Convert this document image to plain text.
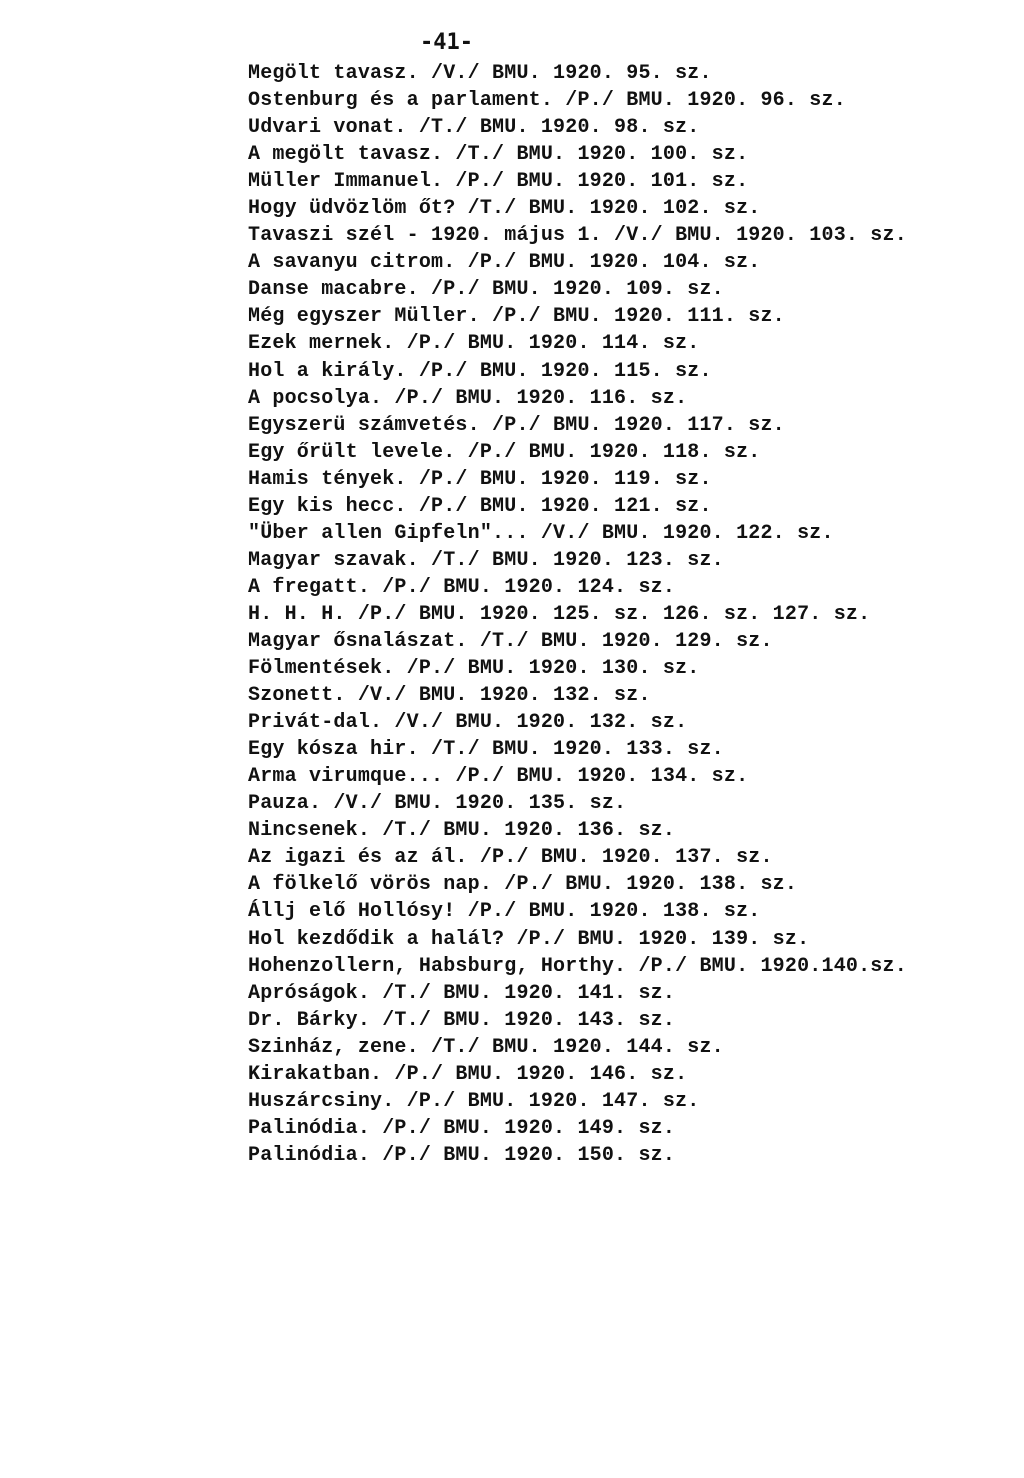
-41-
Megölt tavasz. /V./ BMU. 1920. 95. sz.
Ostenburg és a parlament. /P./ BMU. 1920. 96. sz.
Udvari vonat. /T./ BMU. 1920. 98. sz.
A megölt tavasz. /T./ BMU. 1920. 100. sz.
Müller Immanuel. /P./ BMU. 1920. 101. sz.
Hogy üdvözlöm őt? /T./ BMU. 1920. 102. sz.
Tavaszi szél - 1920. május 1. /V./ BMU. 1920. 103. sz.
A savanyu citrom. /P./ BMU. 1920. 104. sz.
Danse macabre. /P./ BMU. 1920. 109. sz.
Még egyszer Müller. /P./ BMU. 1920. 111. sz.
Ezek mernek. /P./ BMU. 1920. 114. sz.
Hol a király. /P./ BMU. 1920. 115. sz.
A pocsolya. /P./ BMU. 1920. 116. sz.
Egyszerü számvetés. /P./ BMU. 1920. 117. sz.
Egy őrült levele. /P./ BMU. 1920. 118. sz.
Hamis tények. /P./ BMU. 1920. 119. sz.
Egy kis hecc. /P./ BMU. 1920. 121. sz.
"Über allen Gipfeln"... /V./ BMU. 1920. 122. sz.
Magyar szavak. /T./ BMU. 1920. 123. sz.
A fregatt. /P./ BMU. 1920. 124. sz.
H. H. H. /P./ BMU. 1920. 125. sz. 126. sz. 127. sz.
Magyar ősnalászat. /T./ BMU. 1920. 129. sz.
Fölmentések. /P./ BMU. 1920. 130. sz.
Szonett. /V./ BMU. 1920. 132. sz.
Privát-dal. /V./ BMU. 1920. 132. sz.
Egy kósza hir. /T./ BMU. 1920. 133. sz.
Arma virumque... /P./ BMU. 1920. 134. sz.
Pauza. /V./ BMU. 1920. 135. sz.
Nincsenek. /T./ BMU. 1920. 136. sz.
Az igazi és az ál. /P./ BMU. 1920. 137. sz.
A fölkelő vörös nap. /P./ BMU. 1920. 138. sz.
Állj elő Hollósy! /P./ BMU. 1920. 138. sz.
Hol kezdődik a halál? /P./ BMU. 1920. 139. sz.
Hohenzollern, Habsburg, Horthy. /P./ BMU. 1920.140.sz.
Apróságok. /T./ BMU. 1920. 141. sz.
Dr. Bárky. /T./ BMU. 1920. 143. sz.
Szinház, zene. /T./ BMU. 1920. 144. sz.
Kirakatban. /P./ BMU. 1920. 146. sz.
Huszárcsiny. /P./ BMU. 1920. 147. sz.
Palinódia. /P./ BMU. 1920. 149. sz.
Palinódia. /P./ BMU. 1920. 150. sz.
